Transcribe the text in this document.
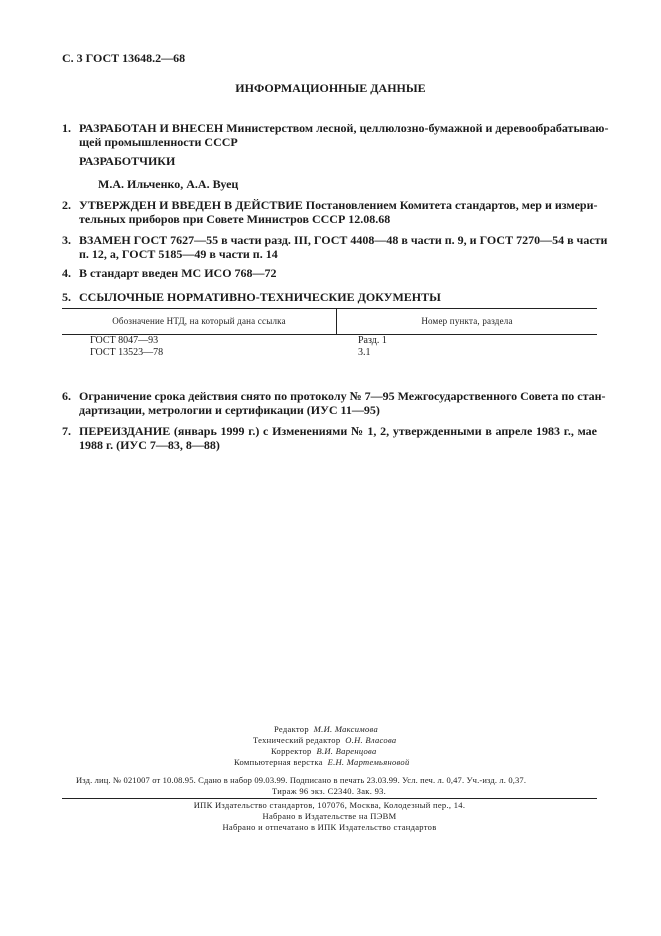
С. 3 ГОСТ 13648.2—68
ИНФОРМАЦИОННЫЕ ДАННЫЕ
1. РАЗРАБОТАН И ВНЕСЕН Министерством лесной, целлюлозно-бумажной и деревообрабатываю-
щей промышленности СССР
РАЗРАБОТЧИКИ
М.А. Ильченко, А.А. Вуец
2. УТВЕРЖДЕН И ВВЕДЕН В ДЕЙСТВИЕ Постановлением Комитета стандартов, мер и измери-
тельных приборов при Совете Министров СССР 12.08.68
3. ВЗАМЕН ГОСТ 7627—55 в части разд. III, ГОСТ 4408—48 в части п. 9, и ГОСТ 7270—54 в части
п. 12, а, ГОСТ 5185—49 в части п. 14
4. В стандарт введен МС ИСО 768—72
5. ССЫЛОЧНЫЕ НОРМАТИВНО-ТЕХНИЧЕСКИЕ ДОКУМЕНТЫ
Обозначение НТД, на который дана ссылка	Номер пункта, раздела
ГОСТ 8047—93	Разд. 1
ГОСТ 13523—78	3.1
6. Ограничение срока действия снято по протоколу № 7—95 Межгосударственного Совета по стан-
дартизации, метрологии и сертификации (ИУС 11—95)
7. ПЕРЕИЗДАНИЕ (январь 1999 г.) с Изменениями № 1, 2, утвержденными в апреле 1983 г., мае
1988 г. (ИУС 7—83, 8—88)
Редактор М.И. Максимова
Технический редактор О.Н. Власова
Корректор В.И. Варенцова
Компьютерная верстка Е.Н. Мартемьяновой
Изд. лиц. № 021007 от 10.08.95. Сдано в набор 09.03.99. Подписано в печать 23.03.99. Усл. печ. л. 0,47. Уч.-изд. л. 0,37.
Тираж 96 экз. С2340. Зак. 93.
ИПК Издательство стандартов, 107076, Москва, Колодезный пер., 14.
Набрано в Издательстве на ПЭВМ
Набрано и отпечатано в ИПК Издательство стандартов
